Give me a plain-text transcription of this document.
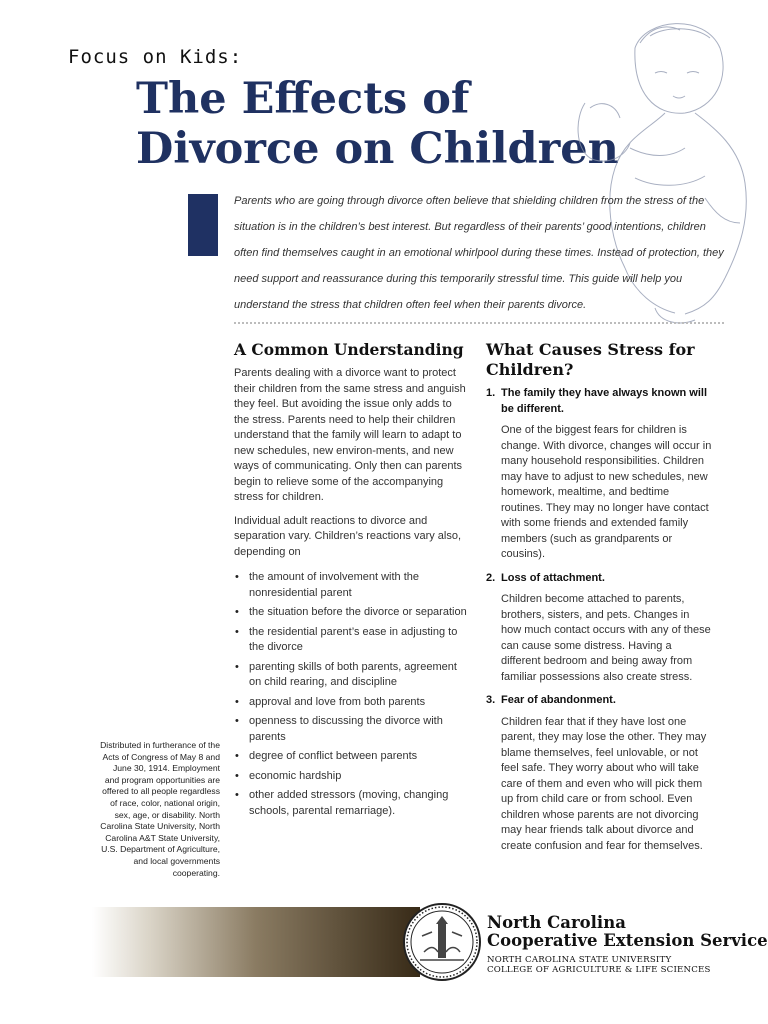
Focus on Kids:
The Effects of
Divorce on Children
Parents who are going through divorce often believe that shielding children from the stress of the situation is in the children’s best interest. But regardless of their parents’ good intentions, children often find themselves caught in an emotional whirlpool during these times. Instead of protection, they need support and reassurance during this temporarily stressful time. This guide will help you understand the stress that children often feel when their parents divorce.
A Common Understanding

Parents dealing with a divorce want to protect their children from the same stress and anguish they feel. But avoiding the issue only adds to the stress. Parents need to help their children understand that the family will learn to adapt to new schedules, new environ-ments, and new ways of communicating. Only then can parents begin to relieve some of the accompanying stress for children.

Individual adult reactions to divorce and separation vary. Children’s reactions vary also, depending on

• the amount of involvement with the nonresidential parent
• the situation before the divorce or separation
• the residential parent’s ease in adjusting to the divorce
• parenting skills of both parents, agreement on child rearing, and discipline
• approval and love from both parents
• openness to discussing the divorce with parents
• degree of conflict between parents
• economic hardship
• other added stressors (moving, changing schools, parental remarriage).
What Causes Stress for
Children?
1. The family they have always known will be different.

One of the biggest fears for children is change. With divorce, changes will occur in many household responsibilities. Children may have to adjust to new schedules, new homework, mealtime, and bedtime routines. They may no longer have contact with some friends and extended family members (such as grandparents or cousins).

2. Loss of attachment.

Children become attached to parents, brothers, sisters, and pets. Changes in how much contact occurs with any of these can cause some distress. Having a different bedroom and being away from familiar possessions also create stress.

3. Fear of abandonment.

Children fear that if they have lost one parent, they may lose the other. They may blame themselves, feel unlovable, or not feel safe. They worry about who will take care of them and even who will pick them up from child care or from school. Even children whose parents are not divorcing may hear friends talk about divorce and create confusion and fear for themselves.

Distributed in furtherance of the Acts of Congress of May 8 and June 30, 1914. Employment and program opportunities are offered to all people regardless of race, color, national origin, sex, age, or disability. North Carolina State University, North Carolina A&T State University, U.S. Department of Agriculture, and local governments cooperating.
North Carolina
Cooperative Extension Service
NORTH CAROLINA STATE UNIVERSITY
COLLEGE OF AGRICULTURE & LIFE SCIENCES
